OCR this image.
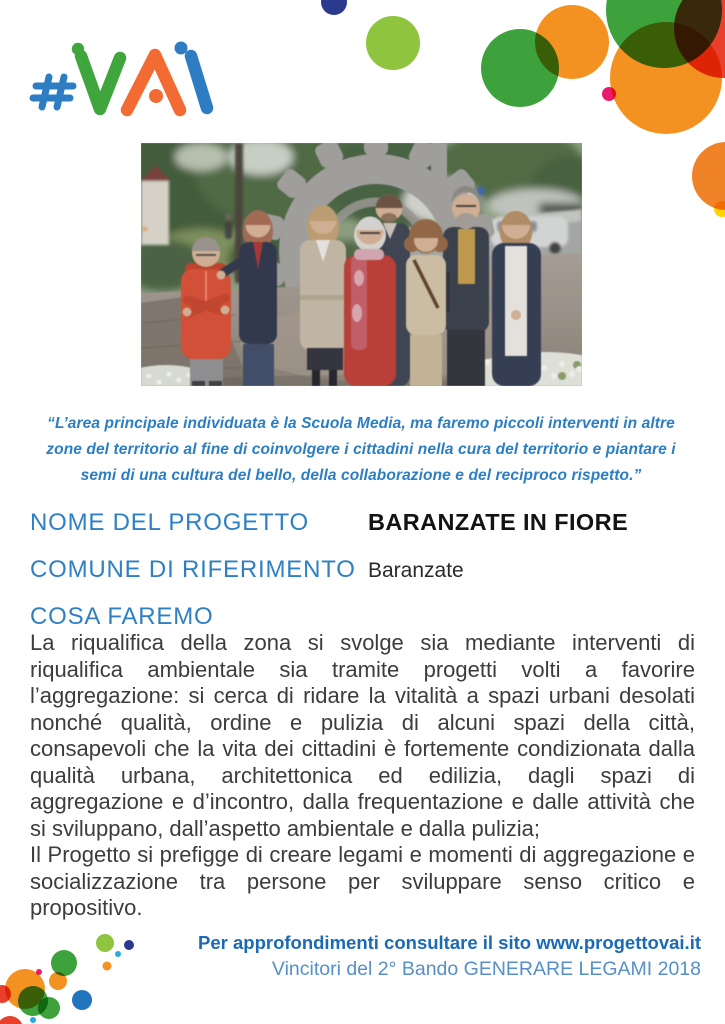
“L’area principale individuata è la Scuola Media, ma faremo piccoli interventi in altre zone del territorio al fine di coinvolgere i cittadini nella cura del territorio e piantare i semi di una cultura del bello, della collaborazione e del reciproco rispetto.”
NOME DEL PROGETTO	BARANZATE IN FIORE
COMUNE DI RIFERIMENTO Baranzate
COSA FAREMO

La riqualifica della zona si svolge sia mediante interventi di riqualifica ambientale sia tramite progetti volti a favorire l’aggregazione: si cerca di ridare la vitalità a spazi urbani desolati nonché qualità, ordine e pulizia di alcuni spazi della città, consapevoli che la vita dei cittadini è fortemente condizionata dalla qualità urbana, architettonica ed edilizia, dagli spazi di aggregazione e d’incontro, dalla frequentazione e dalle attività che si sviluppano, dall’aspetto ambientale e dalla pulizia;

Il Progetto si prefigge di creare legami e momenti di aggregazione e socializzazione tra persone per sviluppare senso critico e propositivo.

Per approfondimenti consultare il sito www.progettovai.it
Vincitori del 2° Bando GENERARE LEGAMI 2018
